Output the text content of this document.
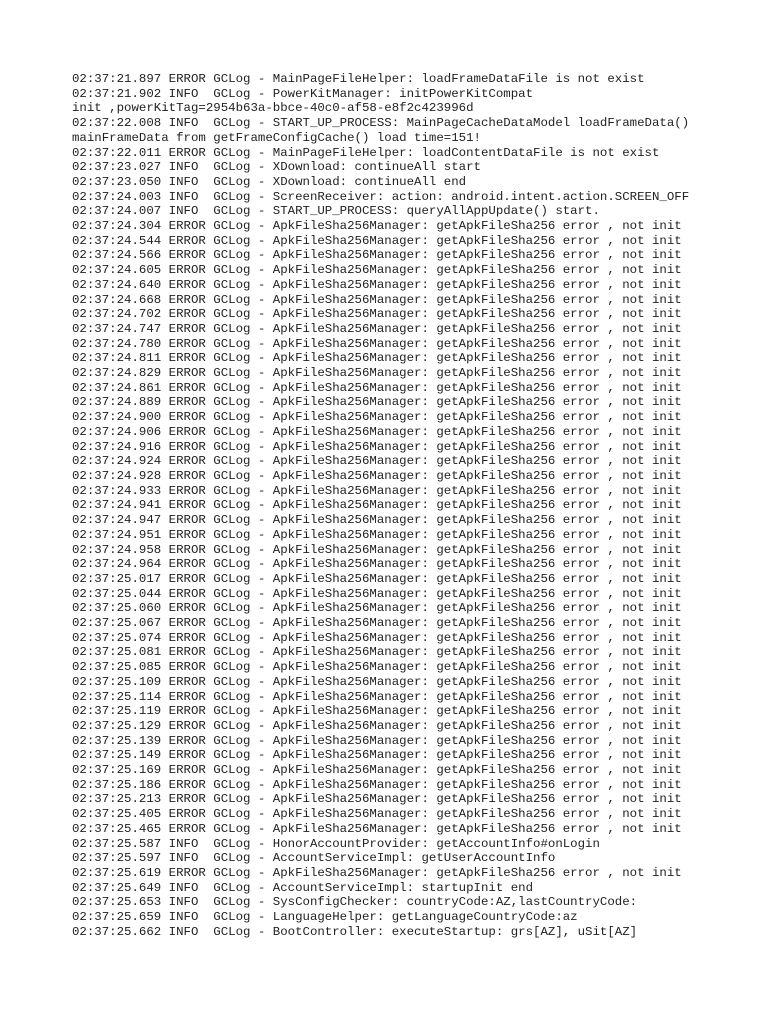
02:37:21.897 ERROR GCLog - MainPageFileHelper: loadFrameDataFile is not exist
02:37:21.902 INFO  GCLog - PowerKitManager: initPowerKitCompat
init ,powerKitTag=2954b63a-bbce-40c0-af58-e8f2c423996d
02:37:22.008 INFO  GCLog - START_UP_PROCESS: MainPageCacheDataModel loadFrameData()
mainFrameData from getFrameConfigCache() load time=151!
02:37:22.011 ERROR GCLog - MainPageFileHelper: loadContentDataFile is not exist
02:37:23.027 INFO  GCLog - XDownload: continueAll start
02:37:23.050 INFO  GCLog - XDownload: continueAll end
02:37:24.003 INFO  GCLog - ScreenReceiver: action: android.intent.action.SCREEN_OFF
02:37:24.007 INFO  GCLog - START_UP_PROCESS: queryAllAppUpdate() start.
02:37:24.304 ERROR GCLog - ApkFileSha256Manager: getApkFileSha256 error , not init
02:37:24.544 ERROR GCLog - ApkFileSha256Manager: getApkFileSha256 error , not init
02:37:24.566 ERROR GCLog - ApkFileSha256Manager: getApkFileSha256 error , not init
02:37:24.605 ERROR GCLog - ApkFileSha256Manager: getApkFileSha256 error , not init
02:37:24.640 ERROR GCLog - ApkFileSha256Manager: getApkFileSha256 error , not init
02:37:24.668 ERROR GCLog - ApkFileSha256Manager: getApkFileSha256 error , not init
02:37:24.702 ERROR GCLog - ApkFileSha256Manager: getApkFileSha256 error , not init
02:37:24.747 ERROR GCLog - ApkFileSha256Manager: getApkFileSha256 error , not init
02:37:24.780 ERROR GCLog - ApkFileSha256Manager: getApkFileSha256 error , not init
02:37:24.811 ERROR GCLog - ApkFileSha256Manager: getApkFileSha256 error , not init
02:37:24.829 ERROR GCLog - ApkFileSha256Manager: getApkFileSha256 error , not init
02:37:24.861 ERROR GCLog - ApkFileSha256Manager: getApkFileSha256 error , not init
02:37:24.889 ERROR GCLog - ApkFileSha256Manager: getApkFileSha256 error , not init
02:37:24.900 ERROR GCLog - ApkFileSha256Manager: getApkFileSha256 error , not init
02:37:24.906 ERROR GCLog - ApkFileSha256Manager: getApkFileSha256 error , not init
02:37:24.916 ERROR GCLog - ApkFileSha256Manager: getApkFileSha256 error , not init
02:37:24.924 ERROR GCLog - ApkFileSha256Manager: getApkFileSha256 error , not init
02:37:24.928 ERROR GCLog - ApkFileSha256Manager: getApkFileSha256 error , not init
02:37:24.933 ERROR GCLog - ApkFileSha256Manager: getApkFileSha256 error , not init
02:37:24.941 ERROR GCLog - ApkFileSha256Manager: getApkFileSha256 error , not init
02:37:24.947 ERROR GCLog - ApkFileSha256Manager: getApkFileSha256 error , not init
02:37:24.951 ERROR GCLog - ApkFileSha256Manager: getApkFileSha256 error , not init
02:37:24.958 ERROR GCLog - ApkFileSha256Manager: getApkFileSha256 error , not init
02:37:24.964 ERROR GCLog - ApkFileSha256Manager: getApkFileSha256 error , not init
02:37:25.017 ERROR GCLog - ApkFileSha256Manager: getApkFileSha256 error , not init
02:37:25.044 ERROR GCLog - ApkFileSha256Manager: getApkFileSha256 error , not init
02:37:25.060 ERROR GCLog - ApkFileSha256Manager: getApkFileSha256 error , not init
02:37:25.067 ERROR GCLog - ApkFileSha256Manager: getApkFileSha256 error , not init
02:37:25.074 ERROR GCLog - ApkFileSha256Manager: getApkFileSha256 error , not init
02:37:25.081 ERROR GCLog - ApkFileSha256Manager: getApkFileSha256 error , not init
02:37:25.085 ERROR GCLog - ApkFileSha256Manager: getApkFileSha256 error , not init
02:37:25.109 ERROR GCLog - ApkFileSha256Manager: getApkFileSha256 error , not init
02:37:25.114 ERROR GCLog - ApkFileSha256Manager: getApkFileSha256 error , not init
02:37:25.119 ERROR GCLog - ApkFileSha256Manager: getApkFileSha256 error , not init
02:37:25.129 ERROR GCLog - ApkFileSha256Manager: getApkFileSha256 error , not init
02:37:25.139 ERROR GCLog - ApkFileSha256Manager: getApkFileSha256 error , not init
02:37:25.149 ERROR GCLog - ApkFileSha256Manager: getApkFileSha256 error , not init
02:37:25.169 ERROR GCLog - ApkFileSha256Manager: getApkFileSha256 error , not init
02:37:25.186 ERROR GCLog - ApkFileSha256Manager: getApkFileSha256 error , not init
02:37:25.213 ERROR GCLog - ApkFileSha256Manager: getApkFileSha256 error , not init
02:37:25.405 ERROR GCLog - ApkFileSha256Manager: getApkFileSha256 error , not init
02:37:25.465 ERROR GCLog - ApkFileSha256Manager: getApkFileSha256 error , not init
02:37:25.587 INFO  GCLog - HonorAccountProvider: getAccountInfo#onLogin
02:37:25.597 INFO  GCLog - AccountServiceImpl: getUserAccountInfo
02:37:25.619 ERROR GCLog - ApkFileSha256Manager: getApkFileSha256 error , not init
02:37:25.649 INFO  GCLog - AccountServiceImpl: startupInit end
02:37:25.653 INFO  GCLog - SysConfigChecker: countryCode:AZ,lastCountryCode:
02:37:25.659 INFO  GCLog - LanguageHelper: getLanguageCountryCode:az
02:37:25.662 INFO  GCLog - BootController: executeStartup: grs[AZ], uSit[AZ]
